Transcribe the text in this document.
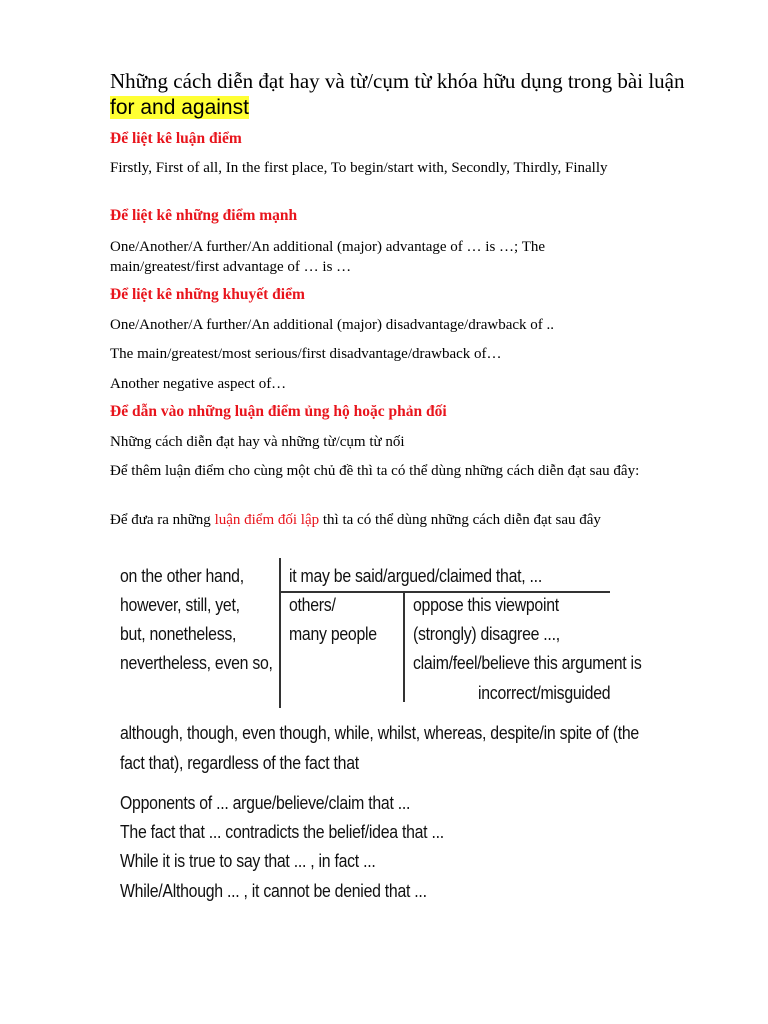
Những cách diễn đạt hay và từ/cụm từ khóa hữu dụng trong bài luận for and against
Để liệt kê luận điểm
Firstly, First of all, In the first place, To begin/start with, Secondly, Thirdly, Finally
Để liệt kê những điểm mạnh
One/Another/A further/An additional (major) advantage of … is …; The main/greatest/first advantage of … is …
Để liệt kê những khuyết điểm
One/Another/A further/An additional (major) disadvantage/drawback of ..
The main/greatest/most serious/first disadvantage/drawback of…
Another negative aspect of…
Để dẫn vào những luận điểm ủng hộ hoặc phản đối
Những cách diễn đạt hay và những từ/cụm từ nối
Để thêm luận điểm cho cùng một chủ đề thì ta có thể dùng những cách diễn đạt sau đây:
Để đưa ra những luận điểm đối lập thì ta có thể dùng những cách diễn đạt sau đây
on the other hand,
however, still, yet,
but, nonetheless,
nevertheless, even so,
it may be said/argued/claimed that, ...
others/
many people
oppose this viewpoint
(strongly) disagree ...,
claim/feel/believe this argument is
incorrect/misguided
although, though, even though, while, whilst, whereas, despite/in spite of (the
fact that), regardless of the fact that
Opponents of ... argue/believe/claim that ...
The fact that ... contradicts the belief/idea that ...
While it is true to say that ... , in fact ...
While/Although ... , it cannot be denied that ...
